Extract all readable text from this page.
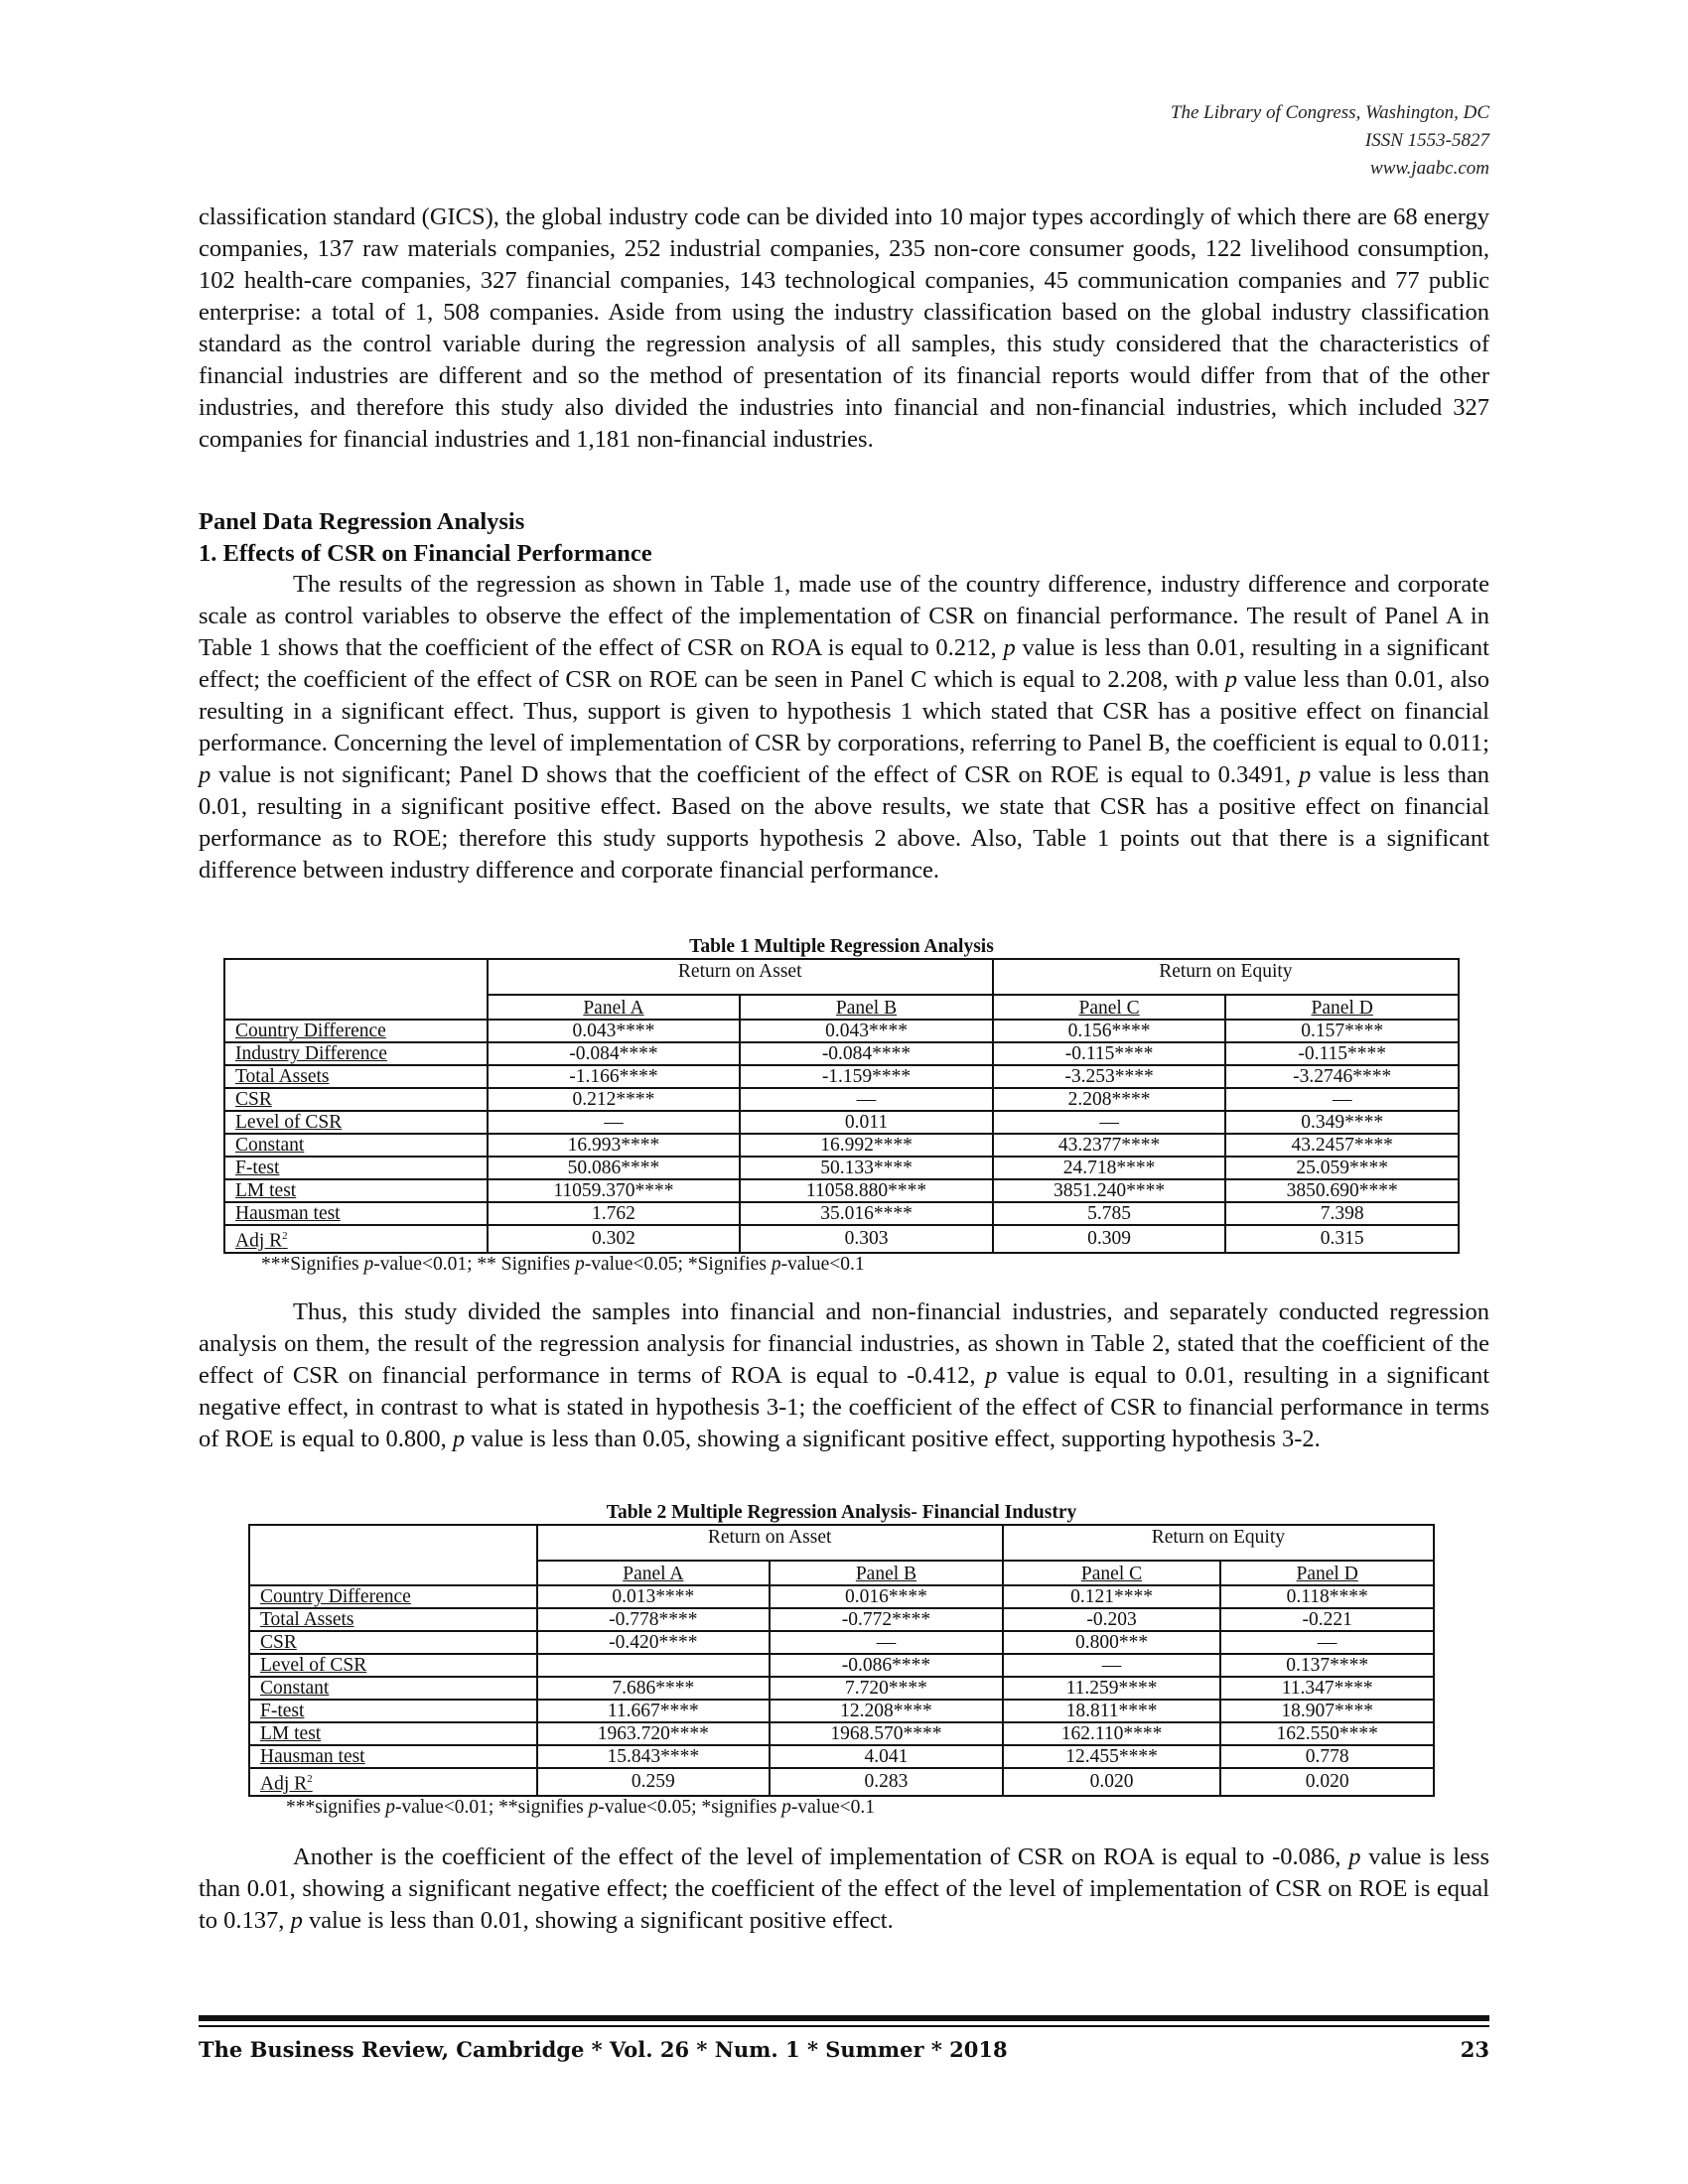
The Library of Congress, Washington, DC
ISSN 1553-5827
www.jaabc.com

classification standard (GICS), the global industry code can be divided into 10 major types accordingly of which there are 68 energy companies, 137 raw materials companies, 252 industrial companies, 235 non-core consumer goods, 122 livelihood consumption, 102 health-care companies, 327 financial companies, 143 technological companies, 45 communication companies and 77 public enterprise: a total of 1, 508 companies. Aside from using the industry classification based on the global industry classification standard as the control variable during the regression analysis of all samples, this study considered that the characteristics of financial industries are different and so the method of presentation of its financial reports would differ from that of the other industries, and therefore this study also divided the industries into financial and non-financial industries, which included 327 companies for financial industries and 1,181 non-financial industries.

Panel Data Regression Analysis
1. Effects of CSR on Financial Performance

The results of the regression as shown in Table 1, made use of the country difference, industry difference and corporate scale as control variables to observe the effect of the implementation of CSR on financial performance. The result of Panel A in Table 1 shows that the coefficient of the effect of CSR on ROA is equal to 0.212, p value is less than 0.01, resulting in a significant effect; the coefficient of the effect of CSR on ROE can be seen in Panel C which is equal to 2.208, with p value less than 0.01, also resulting in a significant effect. Thus, support is given to hypothesis 1 which stated that CSR has a positive effect on financial performance. Concerning the level of implementation of CSR by corporations, referring to Panel B, the coefficient is equal to 0.011; p value is not significant; Panel D shows that the coefficient of the effect of CSR on ROE is equal to 0.3491, p value is less than 0.01, resulting in a significant positive effect. Based on the above results, we state that CSR has a positive effect on financial performance as to ROE; therefore this study supports hypothesis 2 above. Also, Table 1 points out that there is a significant difference between industry difference and corporate financial performance.

Table 1 Multiple Regression Analysis
	Return on Asset		Return on Equity	
	Panel A	Panel B	Panel C	Panel D
Country Difference	0.043****	0.043****	0.156****	0.157****
Industry Difference	-0.084****	-0.084****	-0.115****	-0.115****
Total Assets	-1.166****	-1.159****	-3.253****	-3.2746****
CSR	0.212****	—	2.208****	—
Level of CSR	—	0.011	—	0.349****
Constant	16.993****	16.992****	43.2377****	43.2457****
F-test	50.086****	50.133****	24.718****	25.059****
LM test	11059.370****	11058.880****	3851.240****	3850.690****
Hausman test	1.762	35.016****	5.785	7.398
Adj $R^2$	0.302	0.303	0.309	0.315
***Signifies p-value<0.01; ** Signifies p-value<0.05; *Signifies p-value<0.1

Thus, this study divided the samples into financial and non-financial industries, and separately conducted regression analysis on them, the result of the regression analysis for financial industries, as shown in Table 2, stated that the coefficient of the effect of CSR on financial performance in terms of ROA is equal to -0.412, p value is equal to 0.01, resulting in a significant negative effect, in contrast to what is stated in hypothesis 3-1; the coefficient of the effect of CSR to financial performance in terms of ROE is equal to 0.800, p value is less than 0.05, showing a significant positive effect, supporting hypothesis 3-2.

Table 2 Multiple Regression Analysis- Financial Industry
	Return on Asset		Return on Equity	
	Panel A	Panel B	Panel C	Panel D
Country Difference	0.013****	0.016****	0.121****	0.118****
Total Assets	-0.778****	-0.772****	-0.203	-0.221
CSR	-0.420****	—	0.800***	—
Level of CSR		-0.086****	—	0.137****
Constant	7.686****	7.720****	11.259****	11.347****
F-test	11.667****	12.208****	18.811****	18.907****
LM test	1963.720****	1968.570****	162.110****	162.550****
Hausman test	15.843****	4.041	12.455****	0.778
Adj $R^2$	0.259	0.283	0.020	0.020
***signifies p-value<0.01; **signifies p-value<0.05; *signifies p-value<0.1

Another is the coefficient of the effect of the level of implementation of CSR on ROA is equal to -0.086, p value is less than 0.01, showing a significant negative effect; the coefficient of the effect of the level of implementation of CSR on ROE is equal to 0.137, p value is less than 0.01, showing a significant positive effect.

The Business Review, Cambridge * Vol. 26 * Num. 1 * Summer * 2018	23
